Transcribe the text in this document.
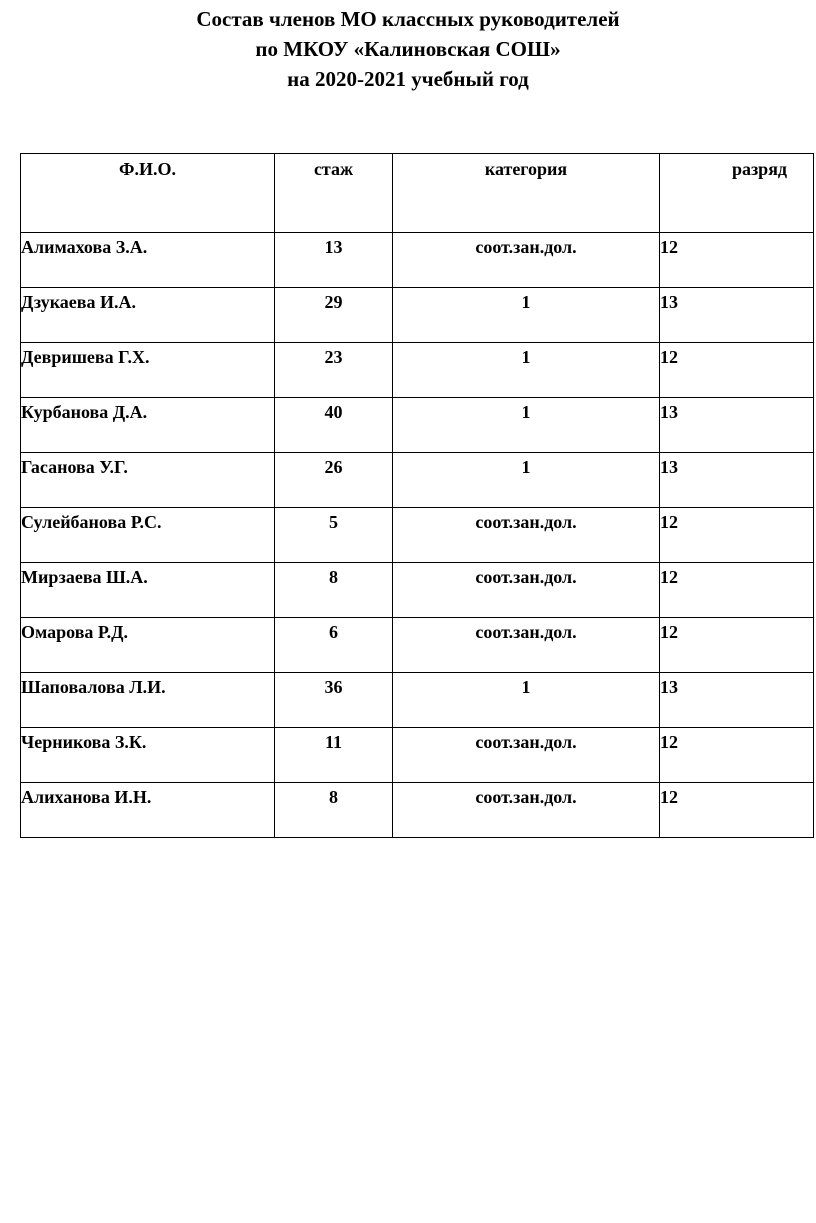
Состав членов МО классных руководителей
по МКОУ «Калиновская СОШ»
на 2020-2021 учебный год
Ф.И.О.	стаж	категория	разряд
Алимахова З.А.	13	соот.зан.дол.	12
Дзукаева И.А.	29	1	13
Девришева Г.Х.	23	1	12
Курбанова Д.А.	40	1	13
Гасанова У.Г.	26	1	13
Сулейбанова Р.С.	5	соот.зан.дол.	12
Мирзаева Ш.А.	8	соот.зан.дол.	12
Омарова Р.Д.	6	соот.зан.дол.	12
Шаповалова Л.И.	36	1	13
Черникова З.К.	11	соот.зан.дол.	12
Алиханова И.Н.	8	соот.зан.дол.	12
